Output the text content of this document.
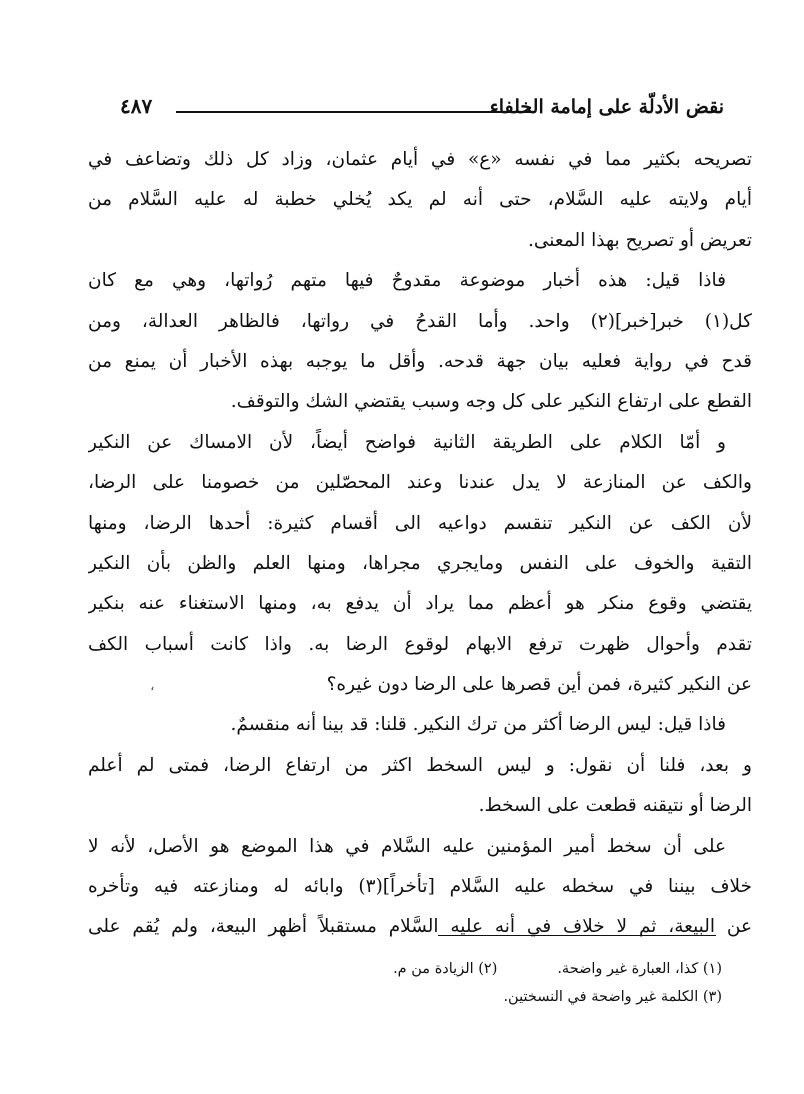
نقض الأدلّة على إمامة الخلفاء
٤٨٧
تصريحه بكثير مما في نفسه «ع» في أيام عثمان، وزاد كل ذلك وتضاعف في
أيام ولايته عليه السَّلام، حتى أنه لم يكد يُخلي خطبة له عليه السَّلام من
تعريض أو تصريح بهذا المعنى.
فاذا قيل: هذه أخبار موضوعة مقدوحٌ فيها متهم رُواتها، وهي مع كان
كل(١) خبر[خبر](٢) واحد. وأما القدحُ في رواتها، فالظاهر العدالة، ومن
قدح في رواية فعليه بيان جهة قدحه. وأقل ما يوجبه بهذه الأخبار أن يمنع من
القطع على ارتفاع النكير على كل وجه وسبب يقتضي الشك والتوقف.
و أمّا الكلام على الطريقة الثانية فواضح أيضاً، لأن الامساك عن النكير
والكف عن المنازعة لا يدل عندنا وعند المحصّلين من خصومنا على الرضا،
لأن الكف عن النكير تنقسم دواعيه الى أقسام كثيرة: أحدها الرضا، ومنها
التقية والخوف على النفس ومايجري مجراها، ومنها العلم والظن بأن النكير
يقتضي وقوع منكر هو أعظم مما يراد أن يدفع به، ومنها الاستغناء عنه بنكير
تقدم وأحوال ظهرت ترفع الابهام لوقوع الرضا به. واذا كانت أسباب الكف
عن النكير كثيرة، فمن أين قصرها على الرضا دون غيره؟
فاذا قيل: ليس الرضا أكثر من ترك النكير. قلنا: قد بينا أنه منقسمٌ.
و بعد، فلنا أن نقول: و ليس السخط اكثر من ارتفاع الرضا، فمتى لم أعلم
الرضا أو نتيقنه قطعت على السخط.
على أن سخط أمير المؤمنين عليه السَّلام في هذا الموضع هو الأصل، لأنه لا
خلاف بيننا في سخطه عليه السَّلام [تأخراً](٣) وابائه له ومنازعته فيه وتأخره
عن البيعة، ثم لا خلاف في أنه عليه السَّلام مستقبلاً أظهر البيعة، ولم يُقم على
،
(١) كذا، العبارة غير واضحة. (٢) الزيادة من م.
(٣) الكلمة غير واضحة في النسختين.
